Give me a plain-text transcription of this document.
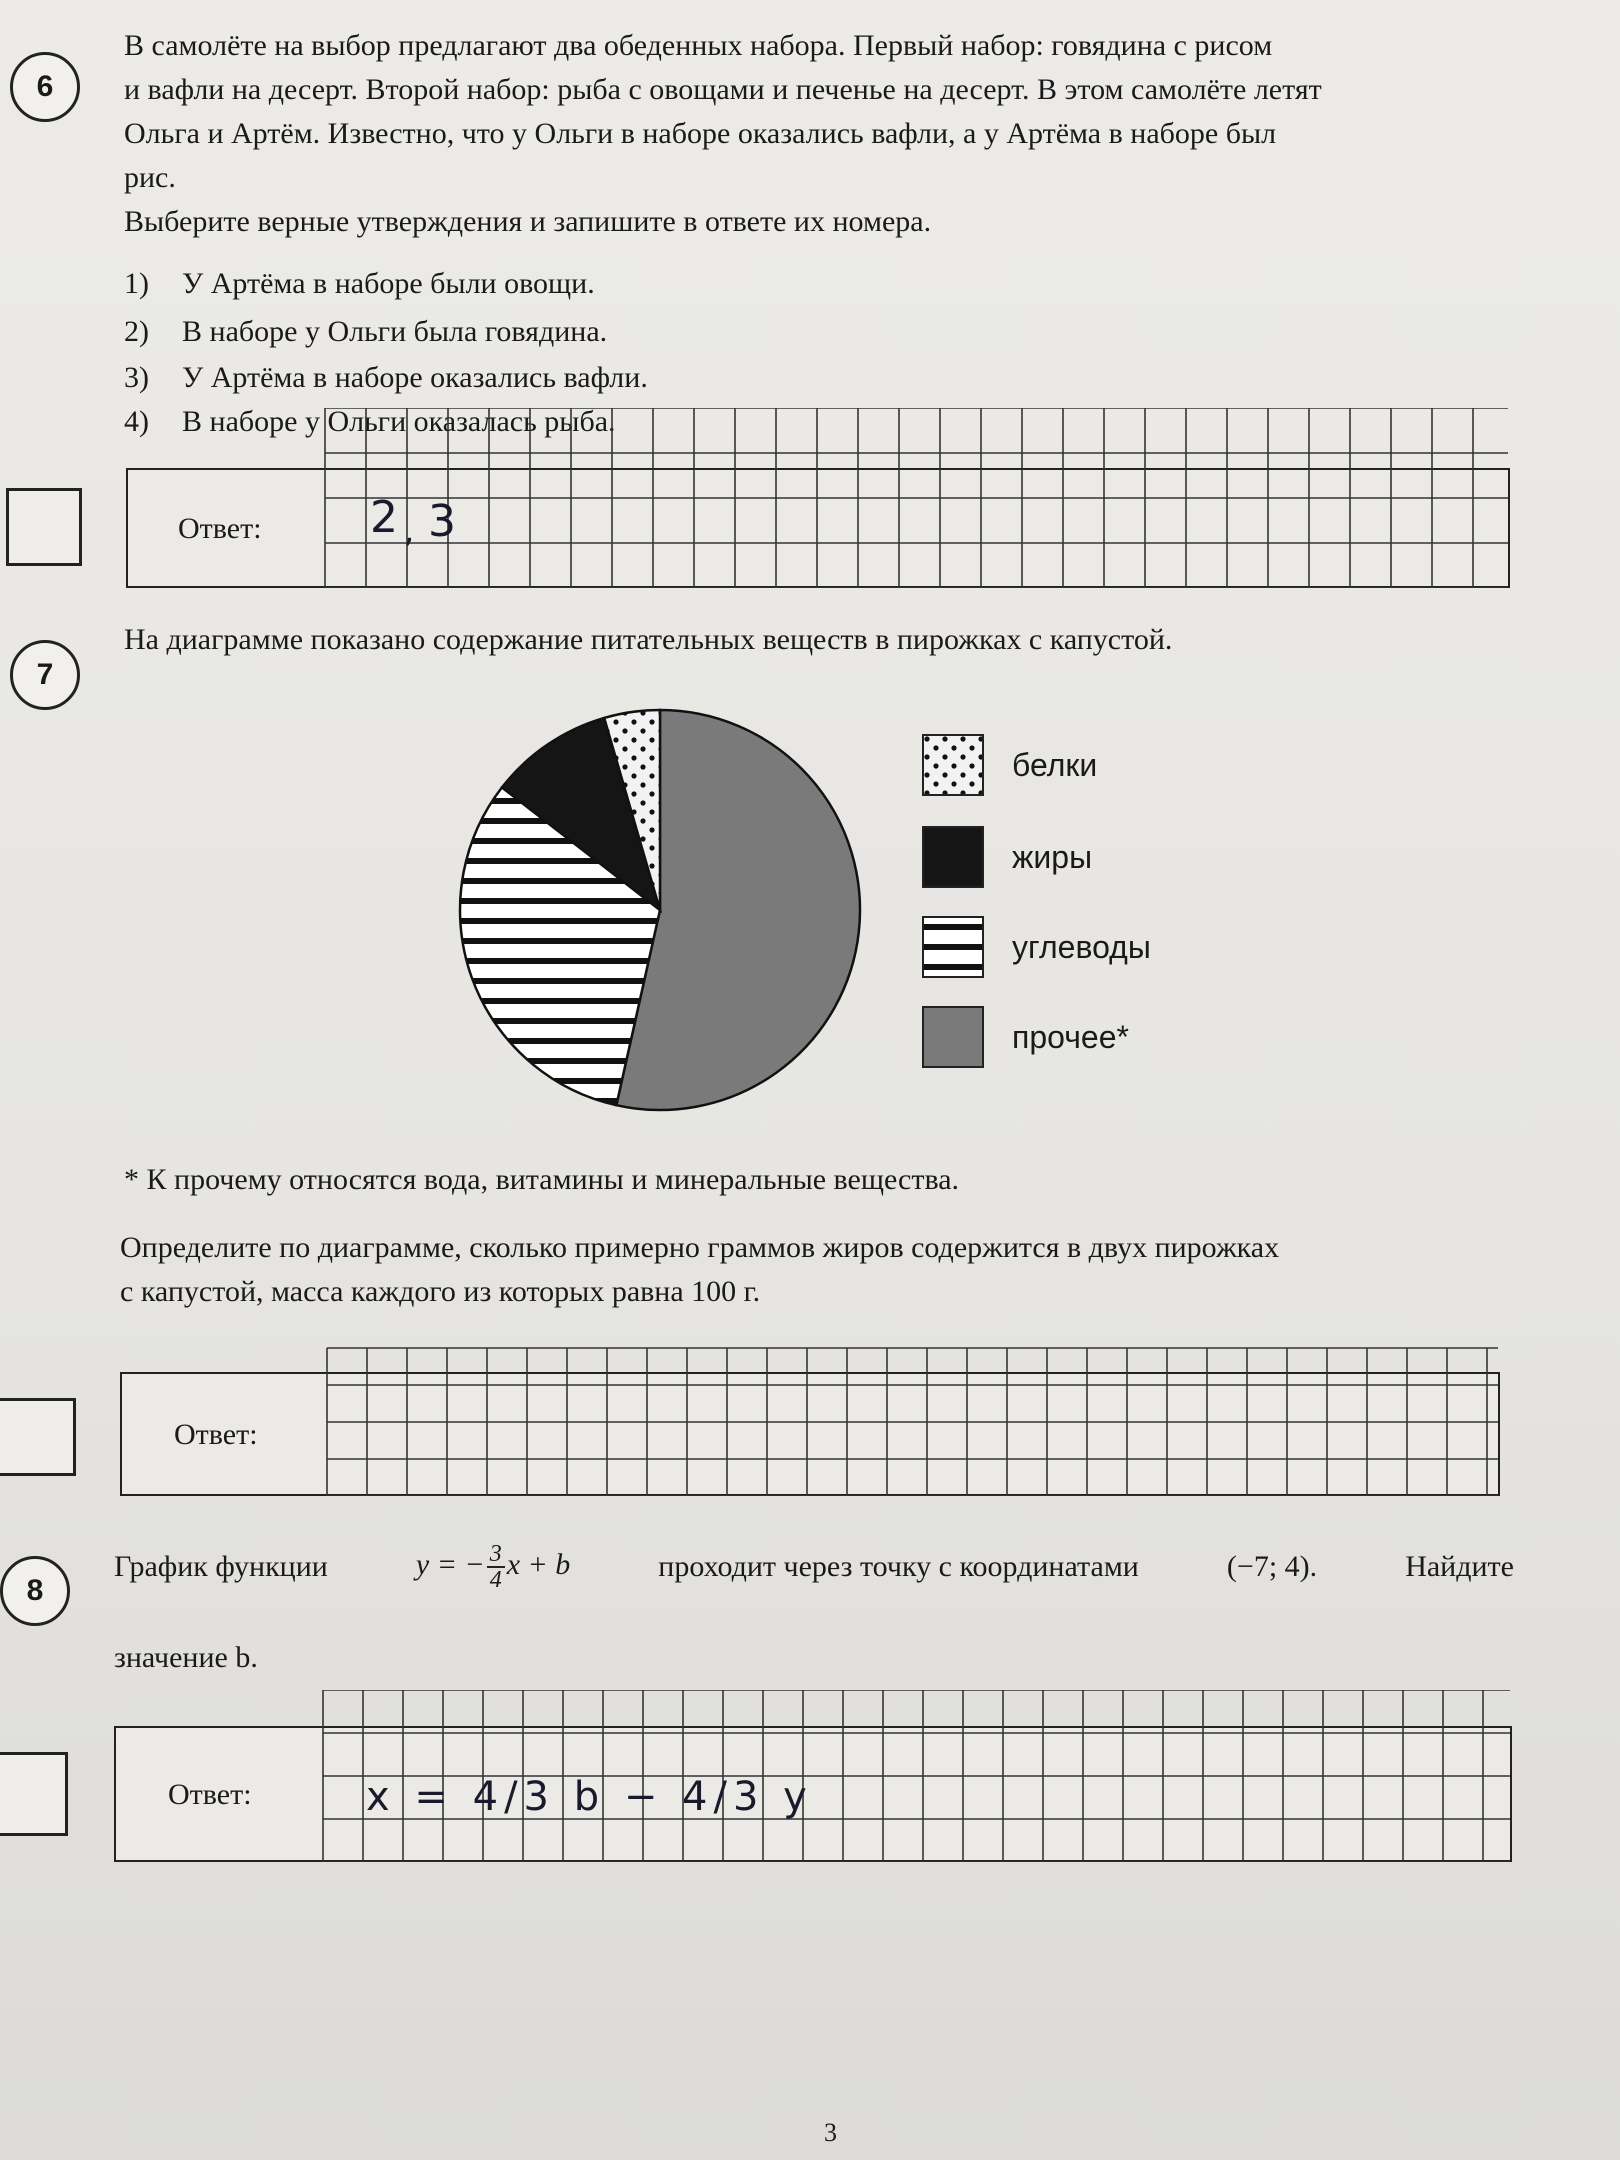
6

В самолёте на выбор предлагают два обеденных набора. Первый набор: говядина с рисом

и вафли на десерт. Второй набор: рыба с овощами и печенье на десерт. В этом самолёте летят

Ольга и Артём. Известно, что у Ольги в наборе оказались вафли, а у Артёма в наборе был

рис.

Выберите верные утверждения и запишите в ответе их номера.

1) У Артёма в наборе были овощи.
2) В наборе у Ольги была говядина.
3) У Артёма в наборе оказались вафли.
4) В наборе у Ольги оказалась рыба.
Ответ: 2 , 3
7

На диаграмме показано содержание питательных веществ в пирожках с капустой.

белки
жиры
углеводы
прочее*

* К прочему относятся вода, витамины и минеральные вещества.

Определите по диаграмме, сколько примерно граммов жиров содержится в двух пирожках

с капустой, масса каждого из которых равна 100 г.

Ответ:
8
График функции	y = − $\frac{3}{4}$ x + b	проходит через точку с координатами	(−7; 4).	Найдите

значение b.

Ответ:	x = 4/3 b − 4/3 y
3
